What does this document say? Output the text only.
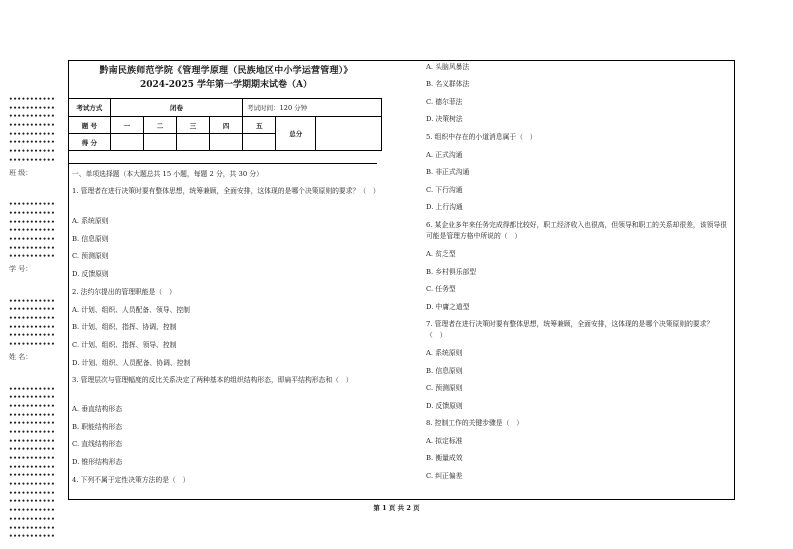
•••••••••••
•••••••••••
•••••••••••
•••••••••••
•••••••••••
•••••••••••
•••••••••••
•••••••••••
班 级：
•••••••••••
•••••••••••
•••••••••••
•••••••••••
•••••••••••
•••••••••••
•••••••••••
学 号：
•••••••••••
•••••••••••
•••••••••••
•••••••••••
•••••••••••
•••••••••••
姓 名：
•••••••••••
•••••••••••
•••••••••••
•••••••••••
•••••••••••
•••••••••••
•••••••••••
•••••••••••
•••••••••••
•••••••••••
•••••••••••
•••••••••••
•••••••••••
•••••••••••
•••••••••••
•••••••••••
•••••••••••
•••••••••••
黔南民族师范学院《管理学原理（民族地区中小学运营管理）》
2024-2025 学年第一学期期末试卷（A）
考试方式	闭卷				考试时间：120 分钟		
题 号	一	二	三	四	五	总分	
得 分							
一、单项选择题（本大题总共 15 小题，每题 2 分，共 30 分）
1. 管理者在进行决策时要有整体思想，统筹兼顾，全面安排，这体现的是哪个决策原则的要求？（　）
A. 系统原则
B. 信息原则
C. 预测原则
D. 反馈原则
2. 法约尔提出的管理职能是（　）
A. 计划、组织、人员配备、领导、控制
B. 计划、组织、指挥、协调、控制
C. 计划、组织、指挥、领导、控制
D. 计划、组织、人员配备、协调、控制
3. 管理层次与管理幅度的反比关系决定了两种基本的组织结构形态，即扁平结构形态和（　）
A. 垂直结构形态
B. 职能结构形态
C. 直线结构形态
D. 锥形结构形态
4. 下列不属于定性决策方法的是（　）
A. 头脑风暴法
B. 名义群体法
C. 德尔菲法
D. 决策树法
5. 组织中存在的小道消息属于（　）
A. 正式沟通
B. 非正式沟通
C. 下行沟通
D. 上行沟通
6. 某企业多年来任务完成得都比较好，职工经济收入也很高，但领导和职工的关系却很差，该领导很可能是管理方格中所说的（　）
A. 贫乏型
B. 乡村俱乐部型
C. 任务型
D. 中庸之道型
7. 管理者在进行决策时要有整体思想，统筹兼顾，全面安排，这体现的是哪个决策原则的要求？（　）
A. 系统原则
B. 信息原则
C. 预测原则
D. 反馈原则
8. 控制工作的关键步骤是（　）
A. 拟定标准
B. 衡量成效
C. 纠正偏差
第 1 页 共 2 页
